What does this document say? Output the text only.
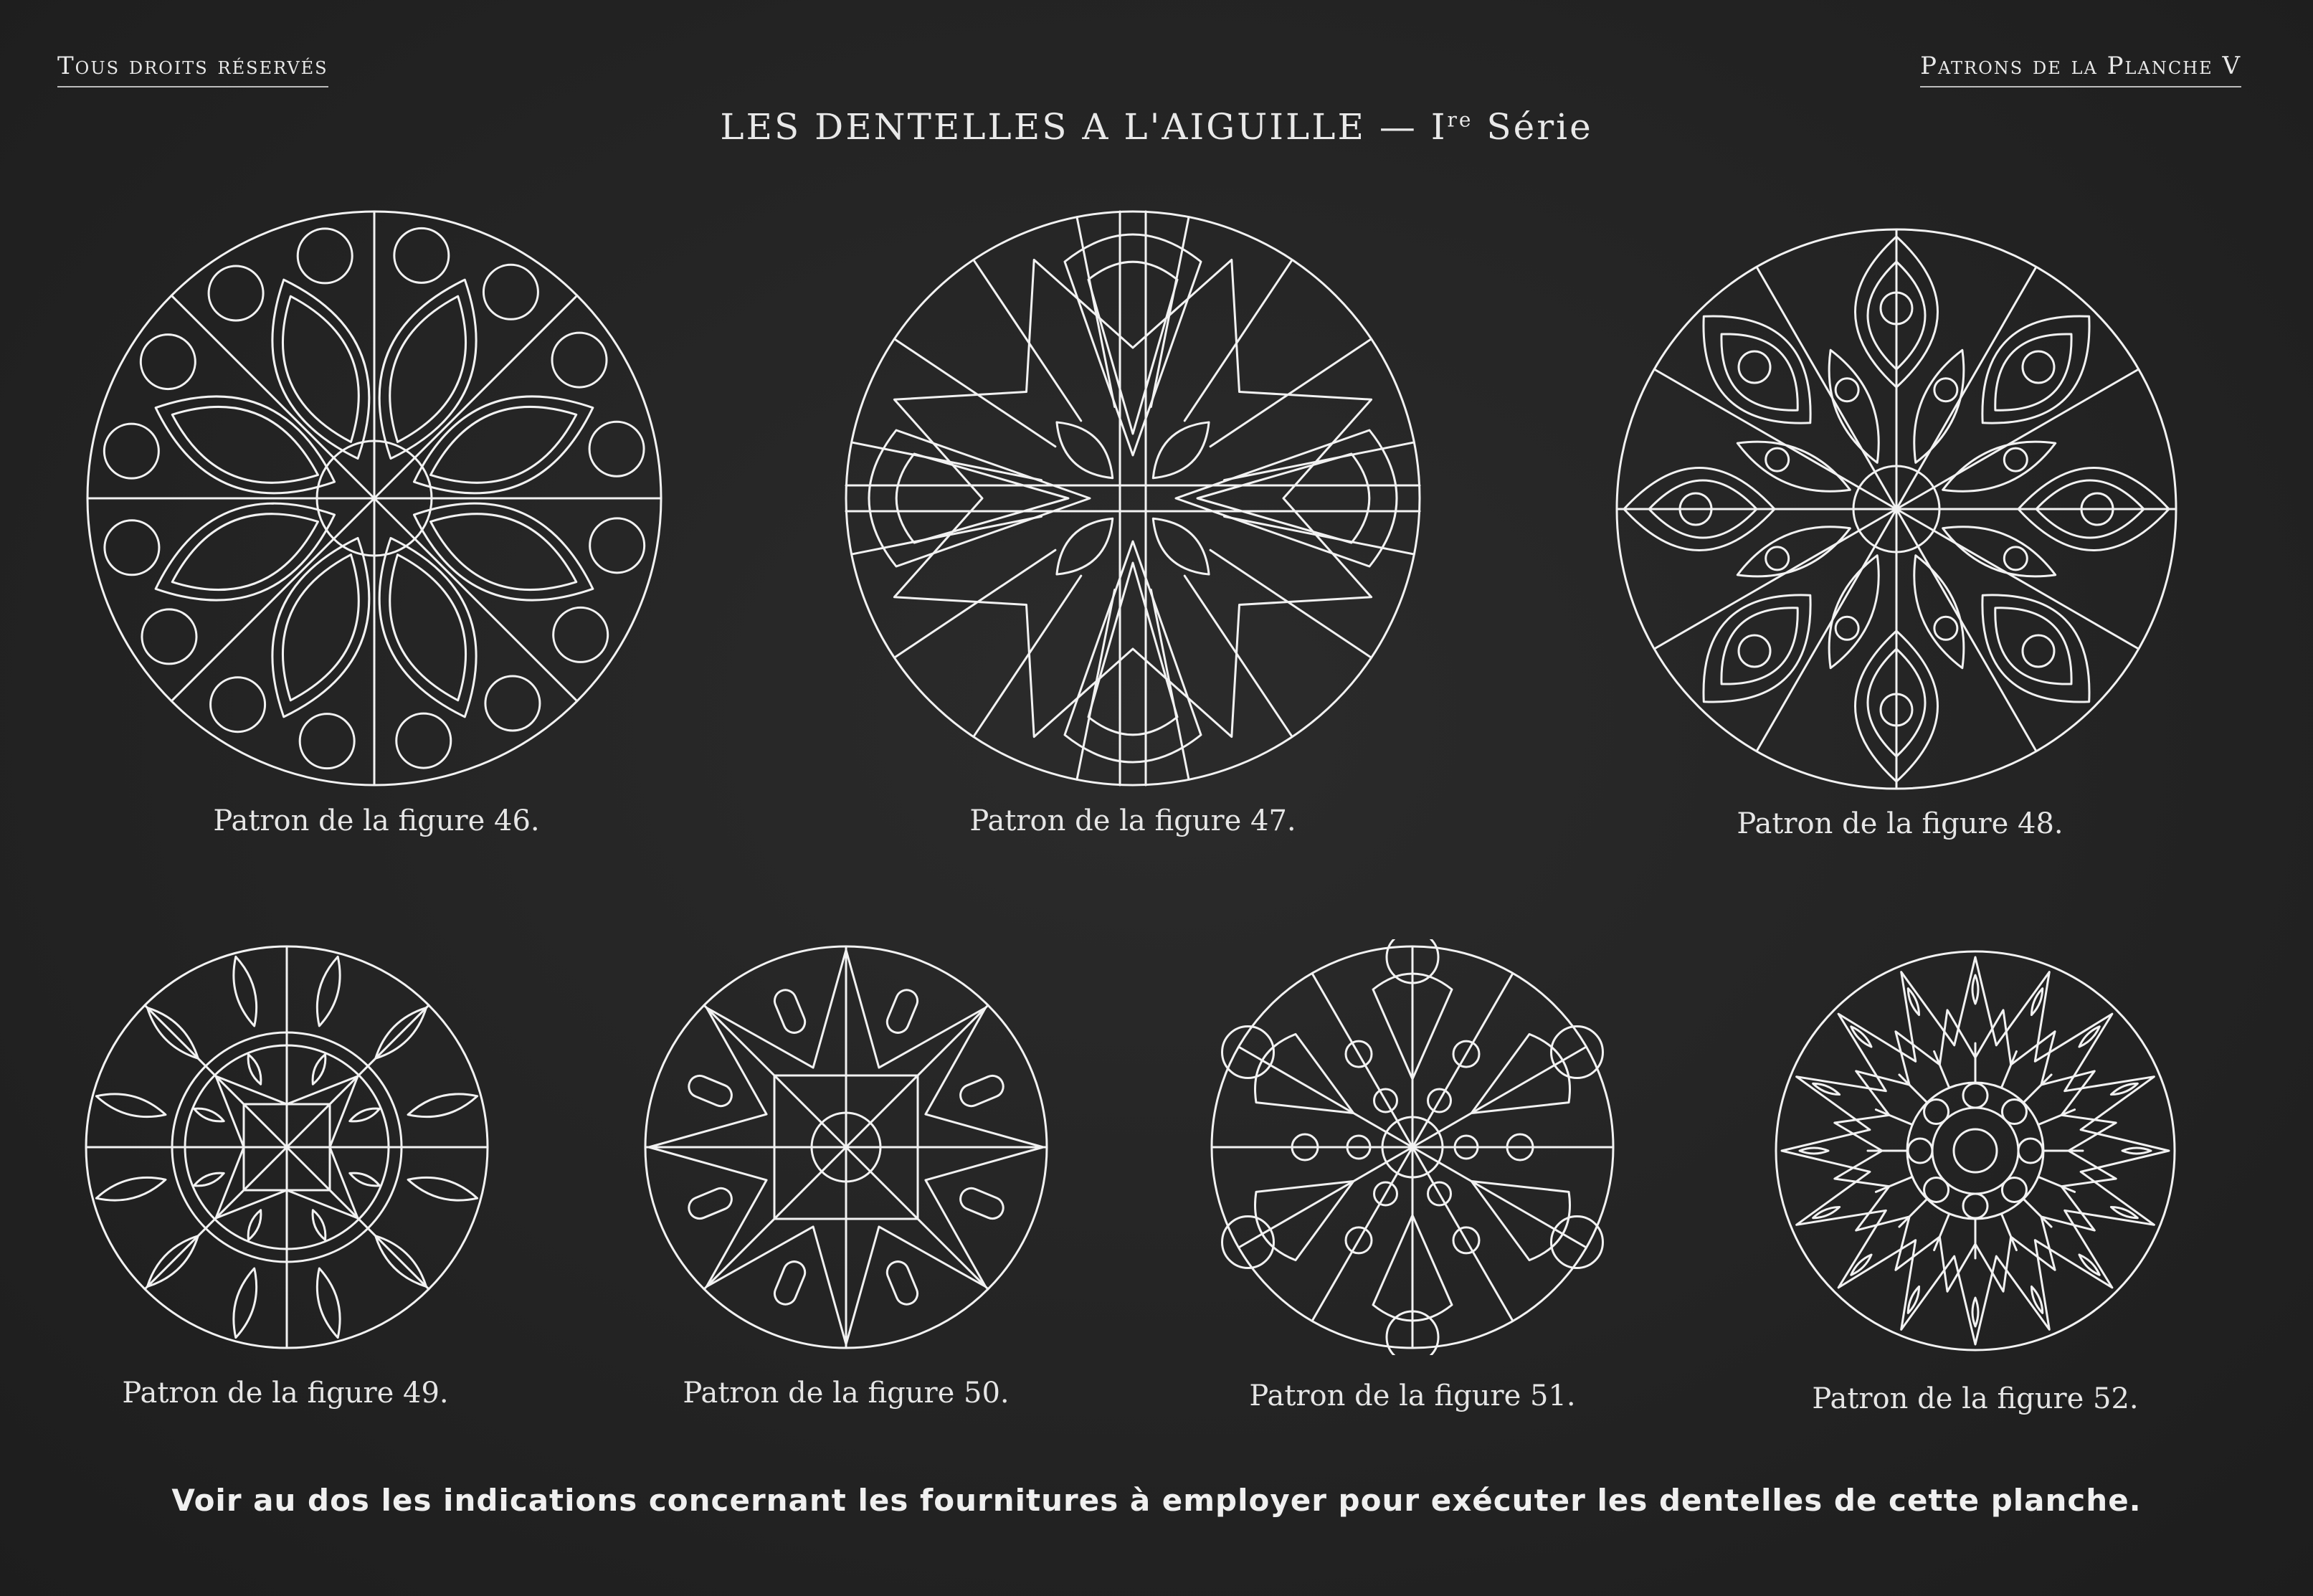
Tous droits réservés	Patrons de la Planche V
LES DENTELLES A L'AIGUILLE — Ire Série
Patron de la figure 46.	Patron de la figure 47.	Patron de la figure 48.
Patron de la figure 49.	Patron de la figure 50.	Patron de la figure 51.	Patron de la figure 52.
Voir au dos les indications concernant les fournitures à employer pour exécuter les dentelles de cette planche.
